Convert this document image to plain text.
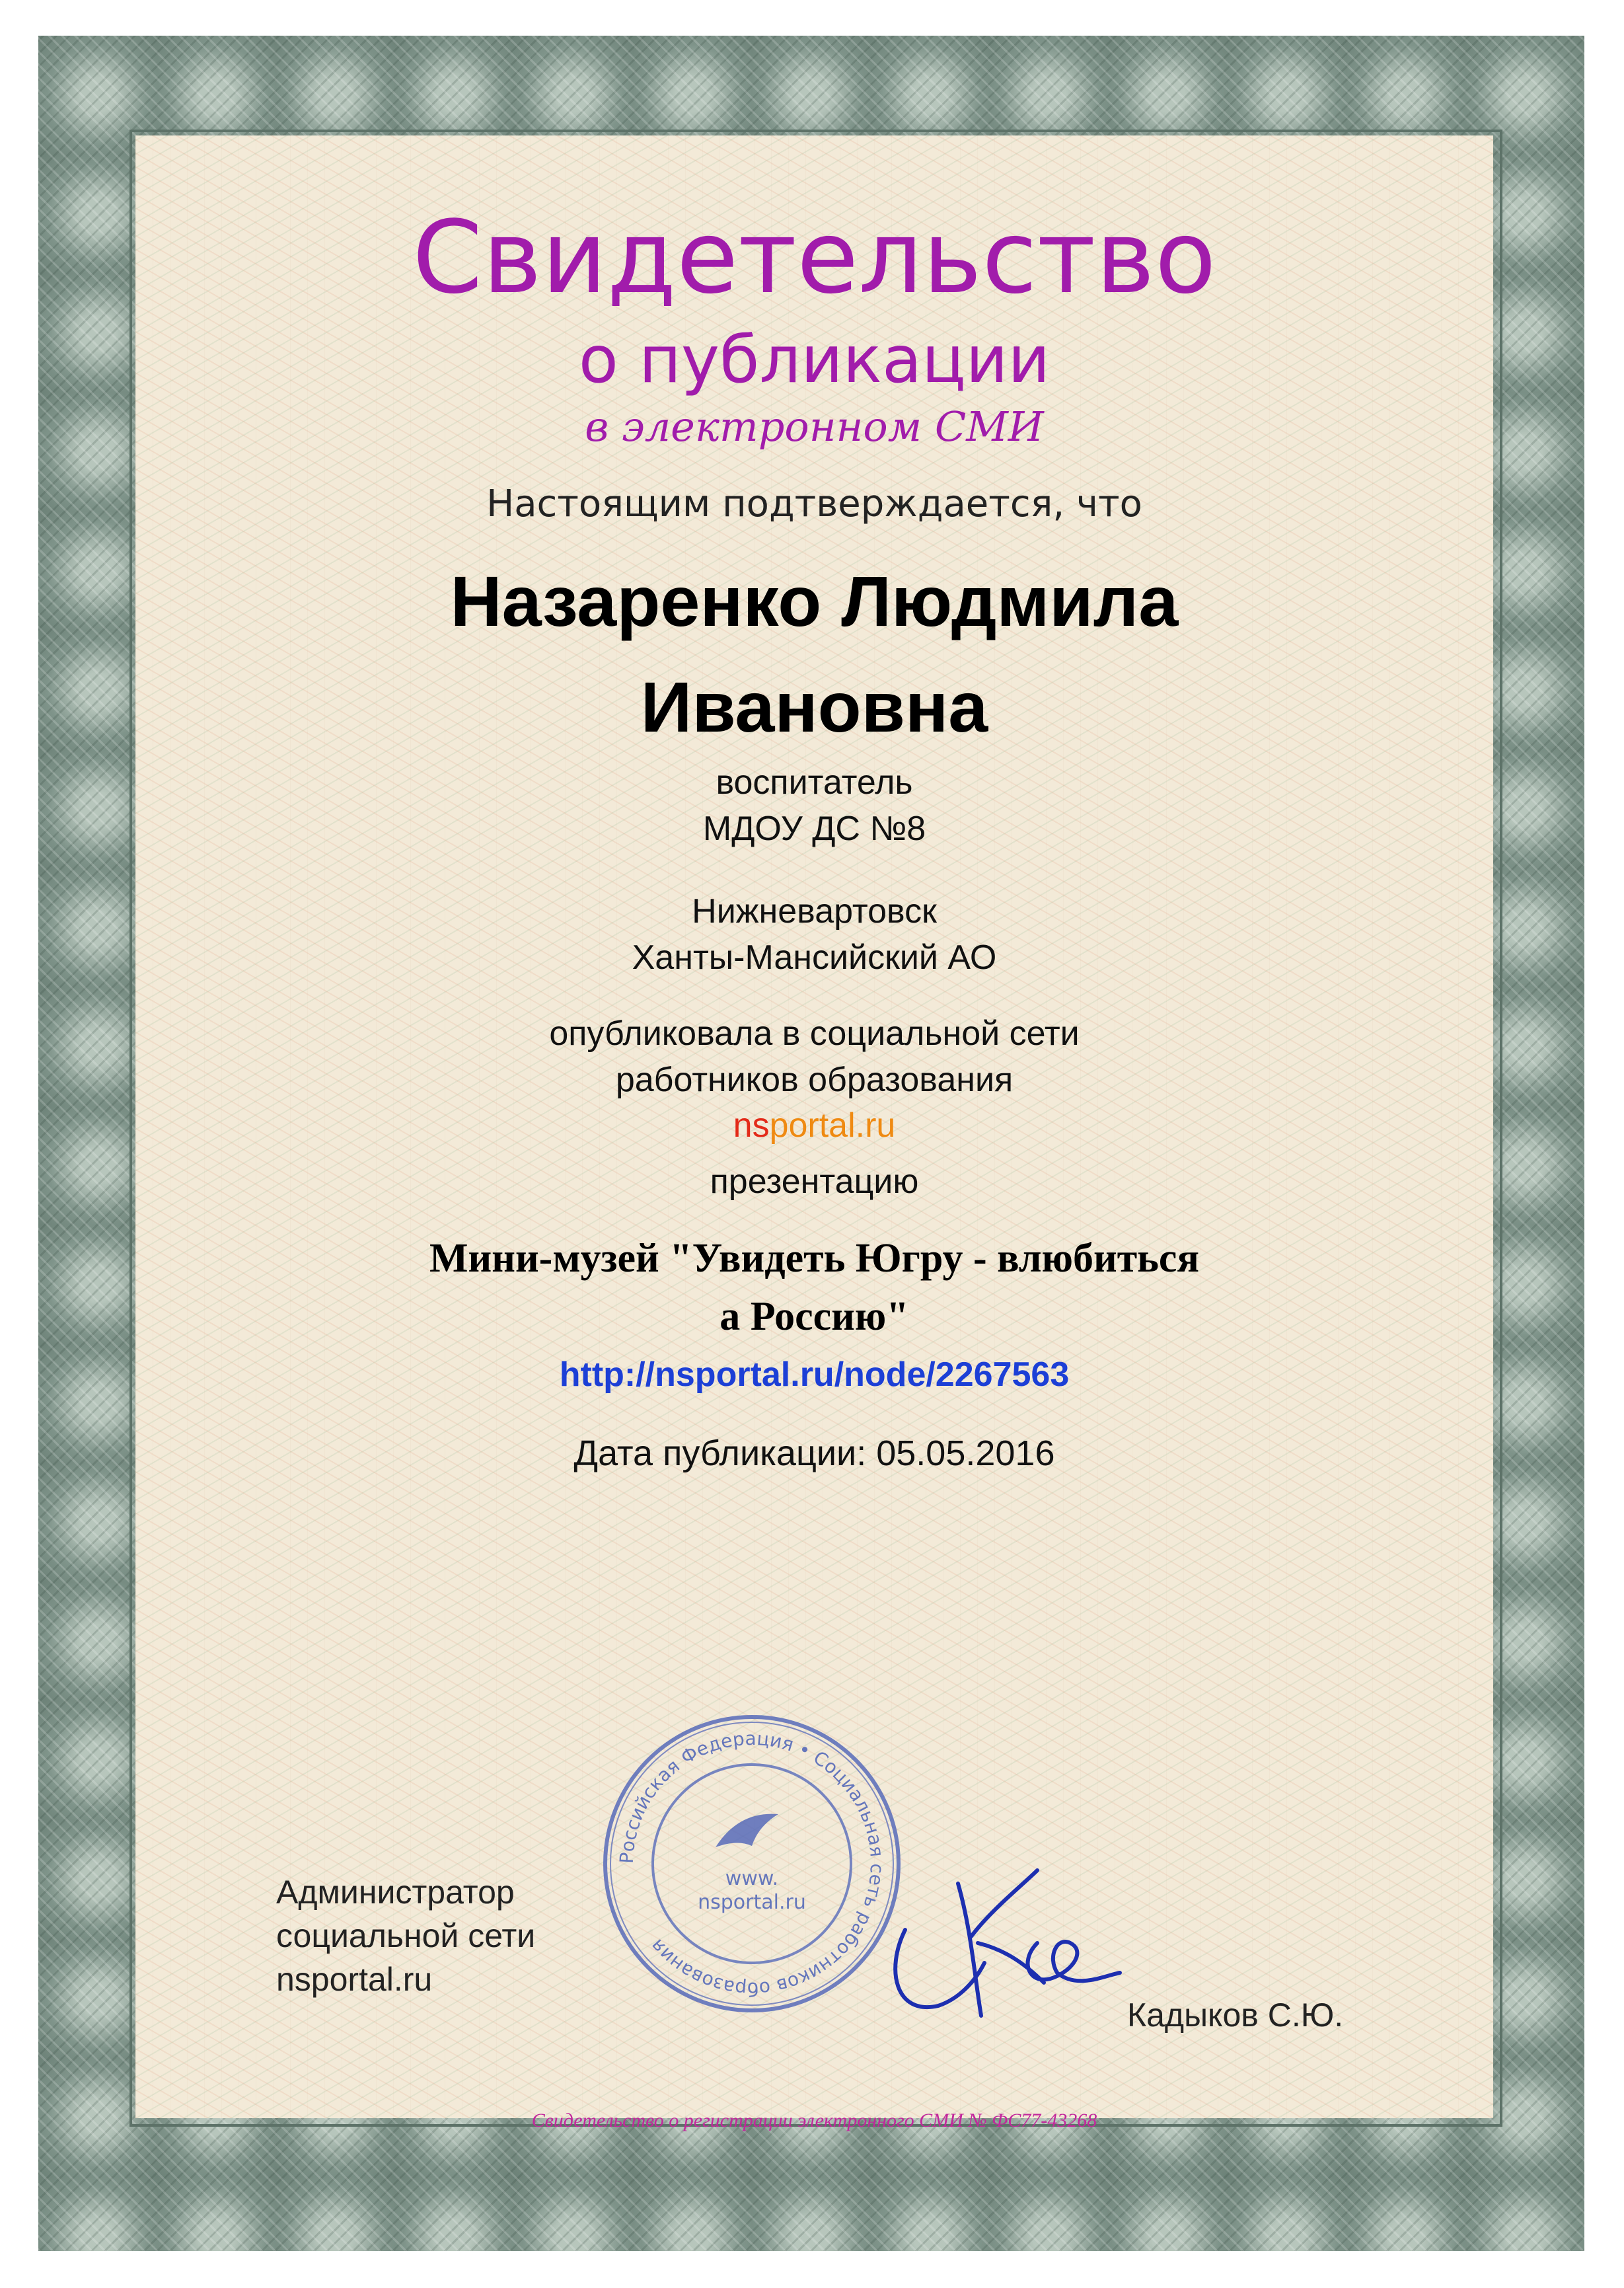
Свидетельство

о публикации

в электронном СМИ

Настоящим подтверждается, что

Назаренко Людмила
Ивановна
воспитатель
МДОУ ДС №8
Нижневартовск
Ханты-Мансийский АО
опубликовала в социальной сети
работников образования
nsportal.ru

презентацию

Мини-музей "Увидеть Югру - влюбиться
а Россию"
http://nsportal.ru/node/2267563
Дата публикации: 05.05.2016
Администратор
социальной сети
nsportal.ru
Российская Федерация • Социальная сеть работников образования
www.
nsportal.ru
Кадыков С.Ю.
Свидетельство о регистрации электронного СМИ № ФС77-43268
